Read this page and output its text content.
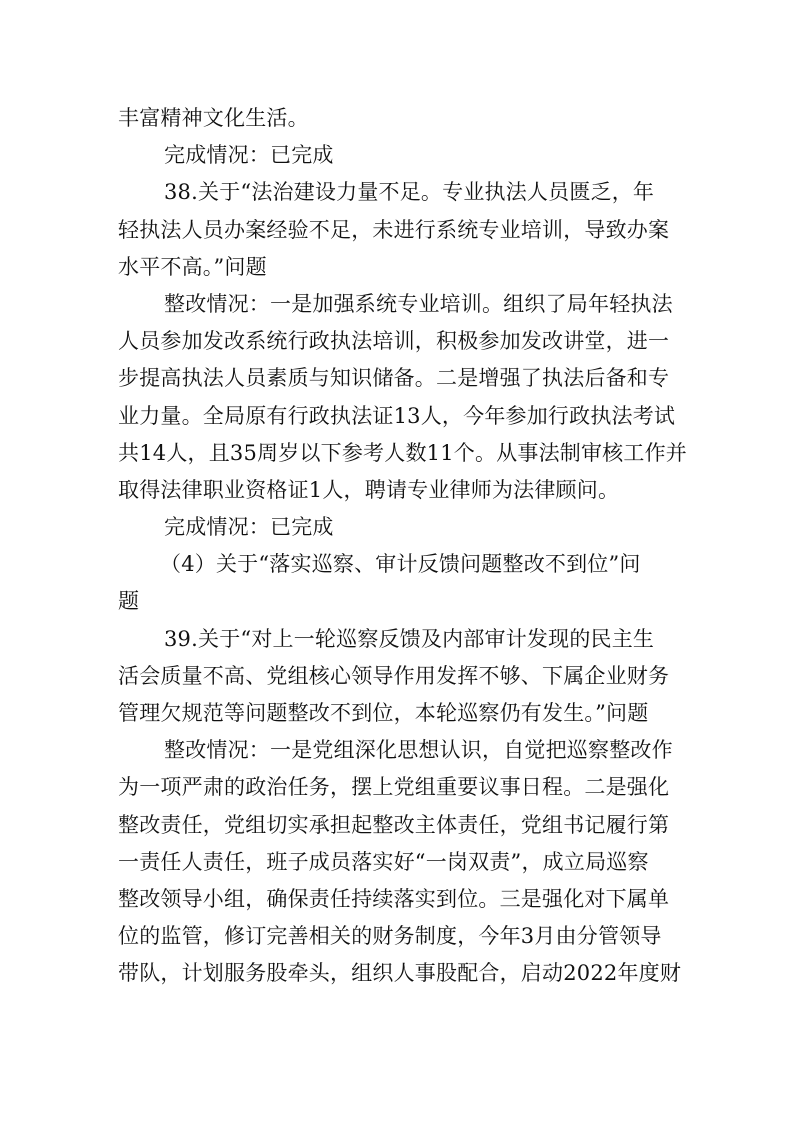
丰富精神文化生活。
完成情况：已完成
38.关于“法治建设力量不足。专业执法人员匮乏，年
轻执法人员办案经验不足，未进行系统专业培训，导致办案
水平不高。”问题
整改情况：一是加强系统专业培训。组织了局年轻执法
人员参加发改系统行政执法培训，积极参加发改讲堂，进一
步提高执法人员素质与知识储备。二是增强了执法后备和专
业力量。全局原有行政执法证13人，今年参加行政执法考试
共14人，且35周岁以下参考人数11个。从事法制审核工作并
取得法律职业资格证1人，聘请专业律师为法律顾问。
完成情况：已完成
（4）关于“落实巡察、审计反馈问题整改不到位”问
题
39.关于“对上一轮巡察反馈及内部审计发现的民主生
活会质量不高、党组核心领导作用发挥不够、下属企业财务
管理欠规范等问题整改不到位，本轮巡察仍有发生。”问题
整改情况：一是党组深化思想认识，自觉把巡察整改作
为一项严肃的政治任务，摆上党组重要议事日程。二是强化
整改责任，党组切实承担起整改主体责任，党组书记履行第
一责任人责任，班子成员落实好“一岗双责”，成立局巡察
整改领导小组，确保责任持续落实到位。三是强化对下属单
位的监管，修订完善相关的财务制度，今年3月由分管领导
带队，计划服务股牵头，组织人事股配合，启动2022年度财
